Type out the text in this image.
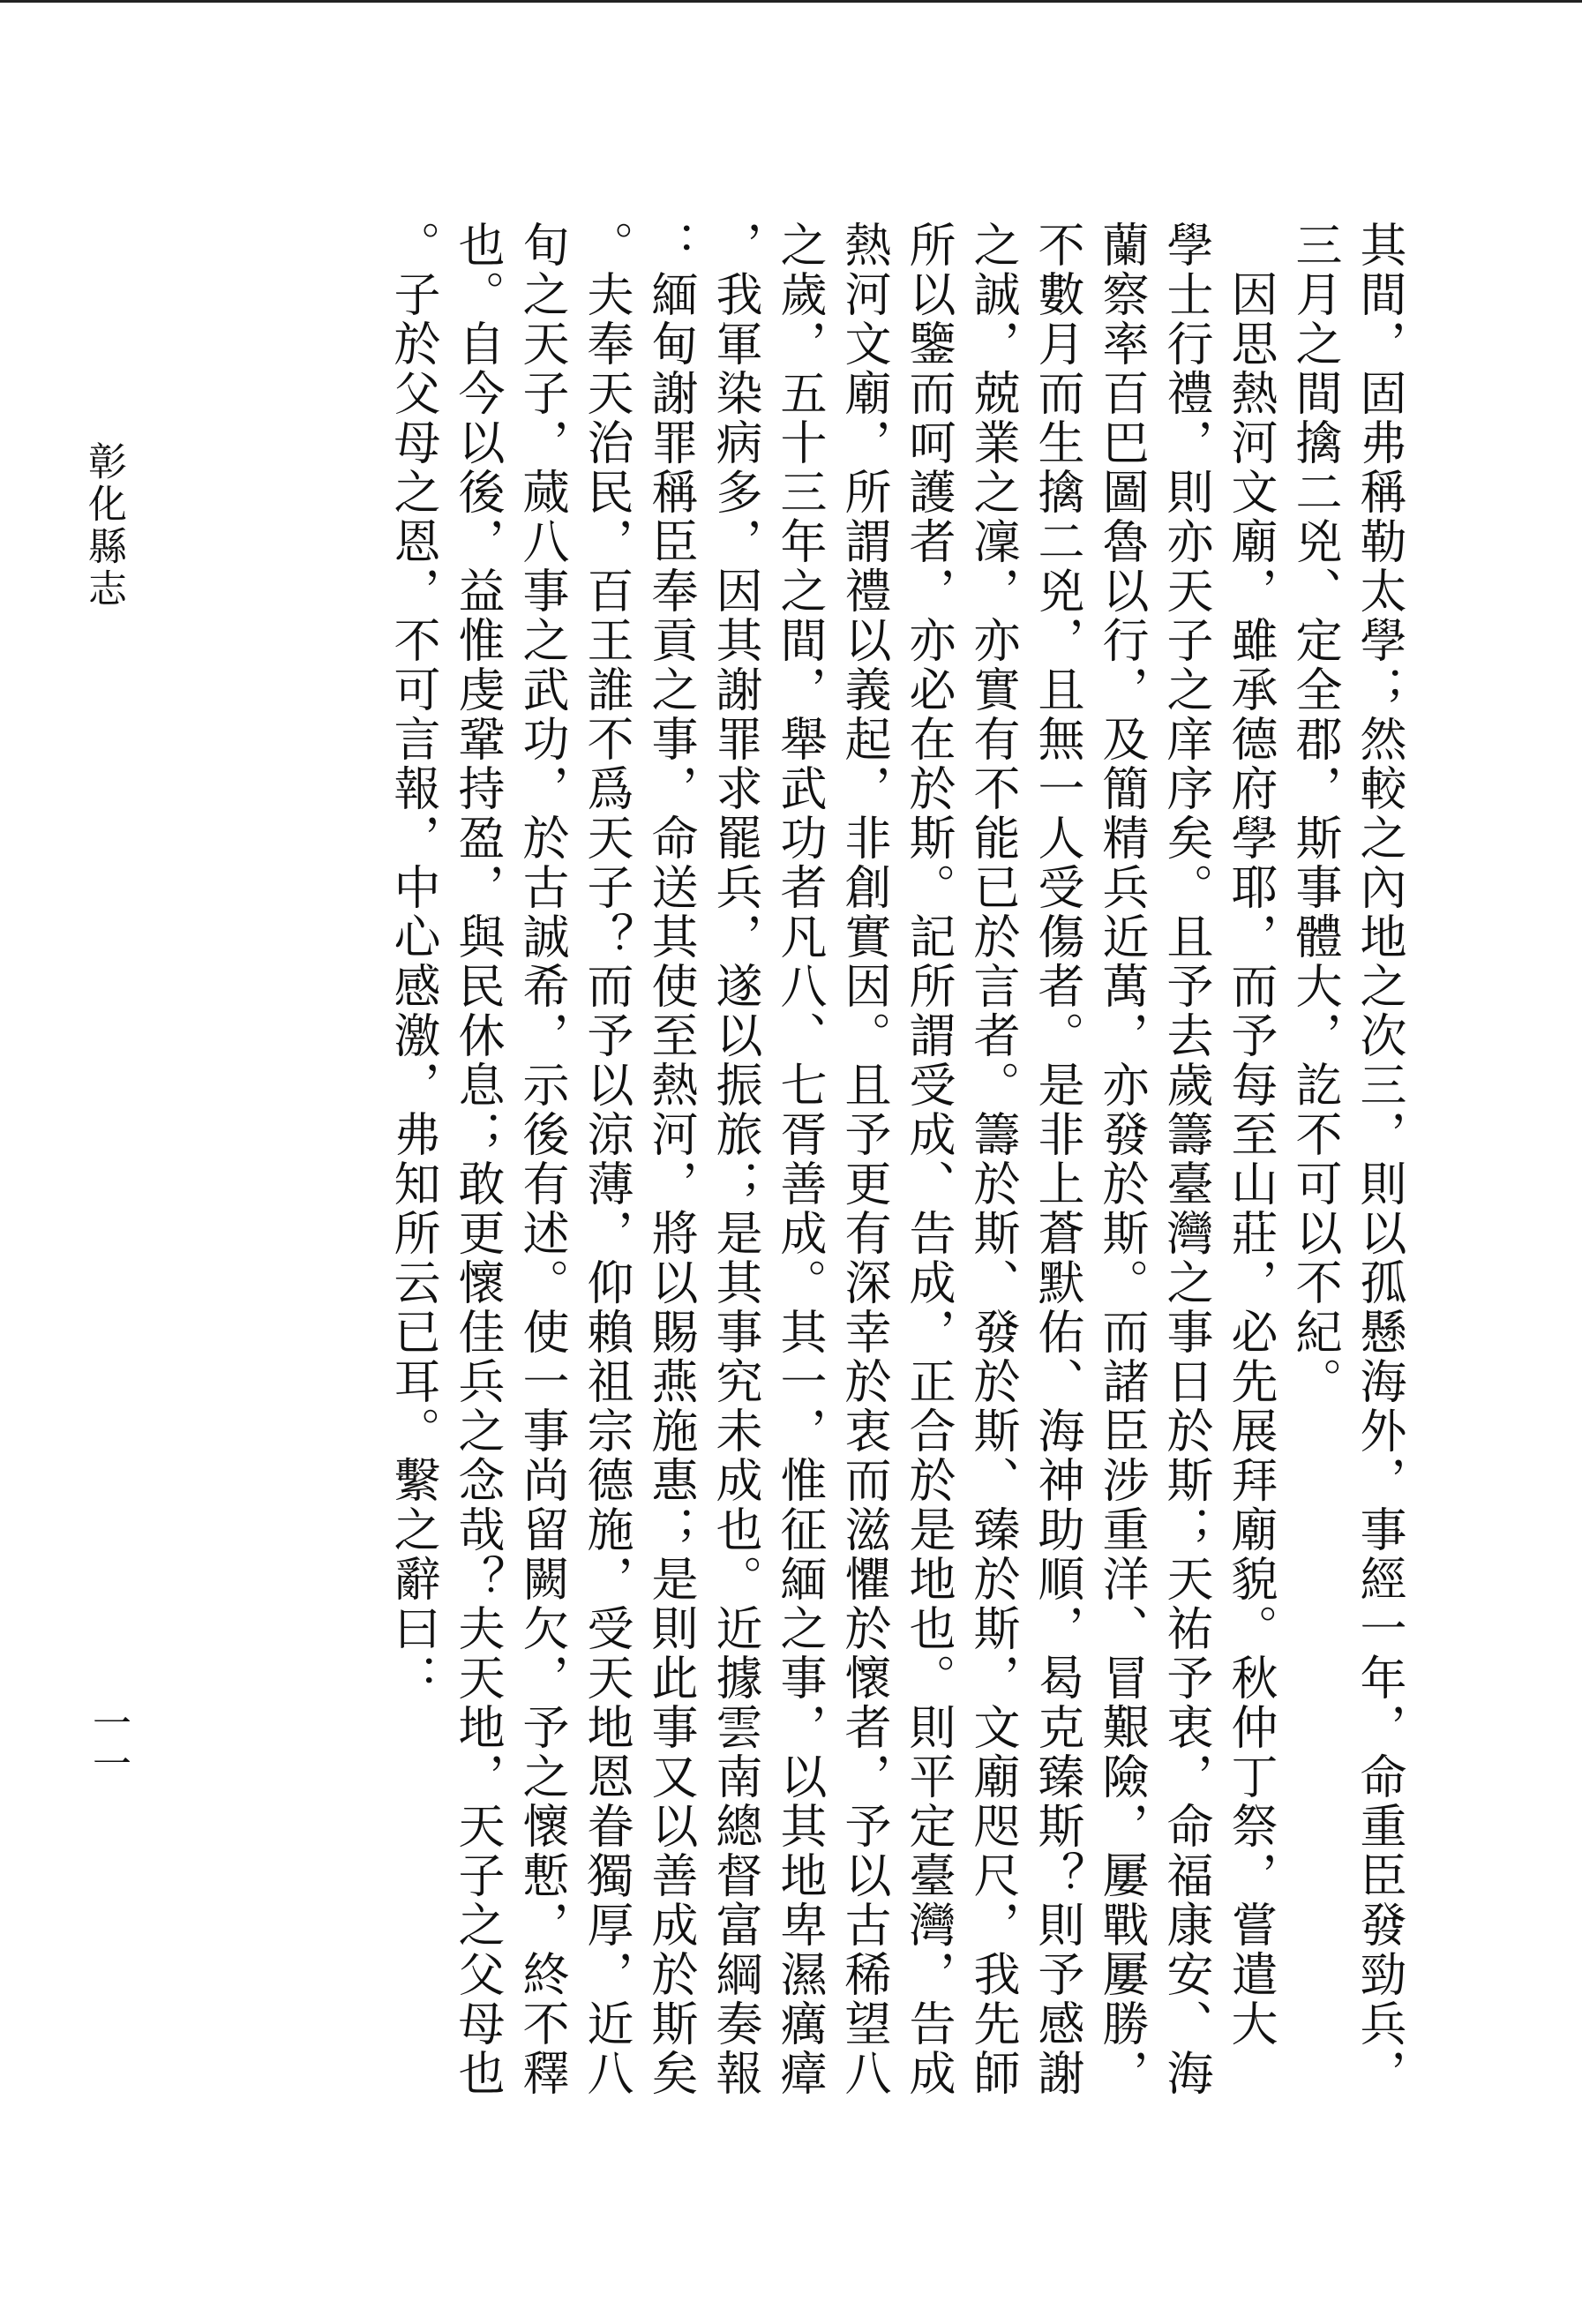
其間，固弗稱勒太學；然較之內地之次三，則以孤懸海外，事經一年，命重臣發勁兵，
三月之間擒二兇、定全郡，斯事體大，訖不可以不紀。
　因思熱河文廟，雖承德府學耶，而予每至山莊，必先展拜廟貌。秋仲丁祭，嘗遣大
學士行禮，則亦天子之庠序矣。且予去歲籌臺灣之事日於斯；天祐予衷，命福康安、海
蘭察率百巴圖魯以行，及簡精兵近萬，亦發於斯。而諸臣涉重洋、冒艱險，屢戰屢勝，
不數月而生擒二兇，且無一人受傷者。是非上蒼默佑、海神助順，曷克臻斯？則予感謝
之誠，兢業之凜，亦實有不能已於言者。籌於斯、發於斯、臻於斯，文廟咫尺，我先師
所以鑒而呵護者，亦必在於斯。記所謂受成、告成，正合於是地也。則平定臺灣，告成
熱河文廟，所謂禮以義起，非創實因。且予更有深幸於衷而滋懼於懷者，予以古稀望八
之歲，五十三年之間，舉武功者凡八、七胥善成。其一，惟征緬之事，以其地卑濕癘瘴
，我軍染病多，因其謝罪求罷兵，遂以振旅；是其事究未成也。近據雲南總督富綱奏報
：緬甸謝罪稱臣奉貢之事，命送其使至熱河，將以賜燕施惠；是則此事又以善成於斯矣
。夫奉天治民，百王誰不爲天子？而予以涼薄，仰賴祖宗德施，受天地恩眷獨厚，近八
旬之天子，蒇八事之武功，於古誠希，示後有述。使一事尚留闕欠，予之懷慙，終不釋
也。自今以後，益惟虔鞏持盈，與民休息；敢更懷佳兵之念哉？夫天地，天子之父母也
。子於父母之恩，不可言報，中心感激，弗知所云已耳。繫之辭曰：
彰化縣志
一一
